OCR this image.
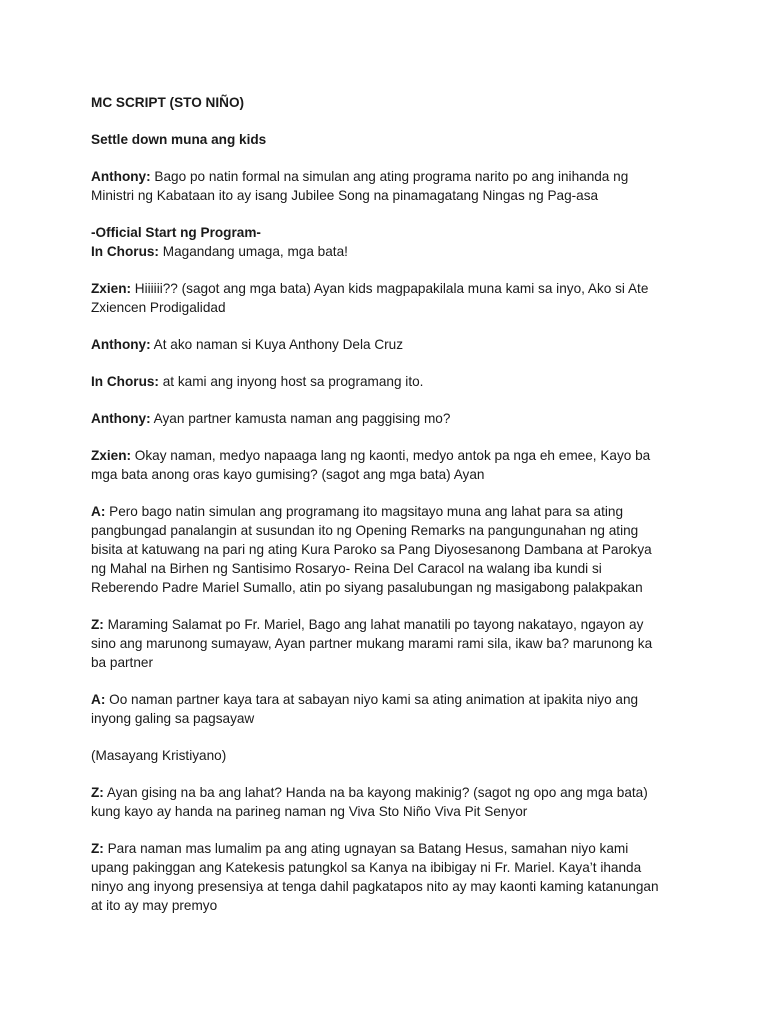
MC SCRIPT (STO NIÑO)
Settle down muna ang kids
Anthony: Bago po natin formal na simulan ang ating programa narito po ang inihanda ng
Ministri ng Kabataan ito ay isang Jubilee Song na pinamagatang Ningas ng Pag-asa
-Official Start ng Program-
In Chorus: Magandang umaga, mga bata!
Zxien: Hiiiiii?? (sagot ang mga bata) Ayan kids magpapakilala muna kami sa inyo, Ako si Ate
Zxiencen Prodigalidad
Anthony: At ako naman si Kuya Anthony Dela Cruz
In Chorus: at kami ang inyong host sa programang ito.
Anthony: Ayan partner kamusta naman ang paggising mo?
Zxien: Okay naman, medyo napaaga lang ng kaonti, medyo antok pa nga eh emee, Kayo ba
mga bata anong oras kayo gumising? (sagot ang mga bata) Ayan
A: Pero bago natin simulan ang programang ito magsitayo muna ang lahat para sa ating
pangbungad panalangin at susundan ito ng Opening Remarks na pangungunahan ng ating
bisita at katuwang na pari ng ating Kura Paroko sa Pang Diyosesanong Dambana at Parokya
ng Mahal na Birhen ng Santisimo Rosaryo- Reina Del Caracol na walang iba kundi si
Reberendo Padre Mariel Sumallo, atin po siyang pasalubungan ng masigabong palakpakan
Z: Maraming Salamat po Fr. Mariel, Bago ang lahat manatili po tayong nakatayo, ngayon ay
sino ang marunong sumayaw, Ayan partner mukang marami rami sila, ikaw ba? marunong ka
ba partner
A: Oo naman partner kaya tara at sabayan niyo kami sa ating animation at ipakita niyo ang
inyong galing sa pagsayaw
(Masayang Kristiyano)
Z: Ayan gising na ba ang lahat? Handa na ba kayong makinig? (sagot ng opo ang mga bata)
kung kayo ay handa na parineg naman ng Viva Sto Niño Viva Pit Senyor
Z: Para naman mas lumalim pa ang ating ugnayan sa Batang Hesus, samahan niyo kami
upang pakinggan ang Katekesis patungkol sa Kanya na ibibigay ni Fr. Mariel. Kaya’t ihanda
ninyo ang inyong presensiya at tenga dahil pagkatapos nito ay may kaonti kaming katanungan
at ito ay may premyo
